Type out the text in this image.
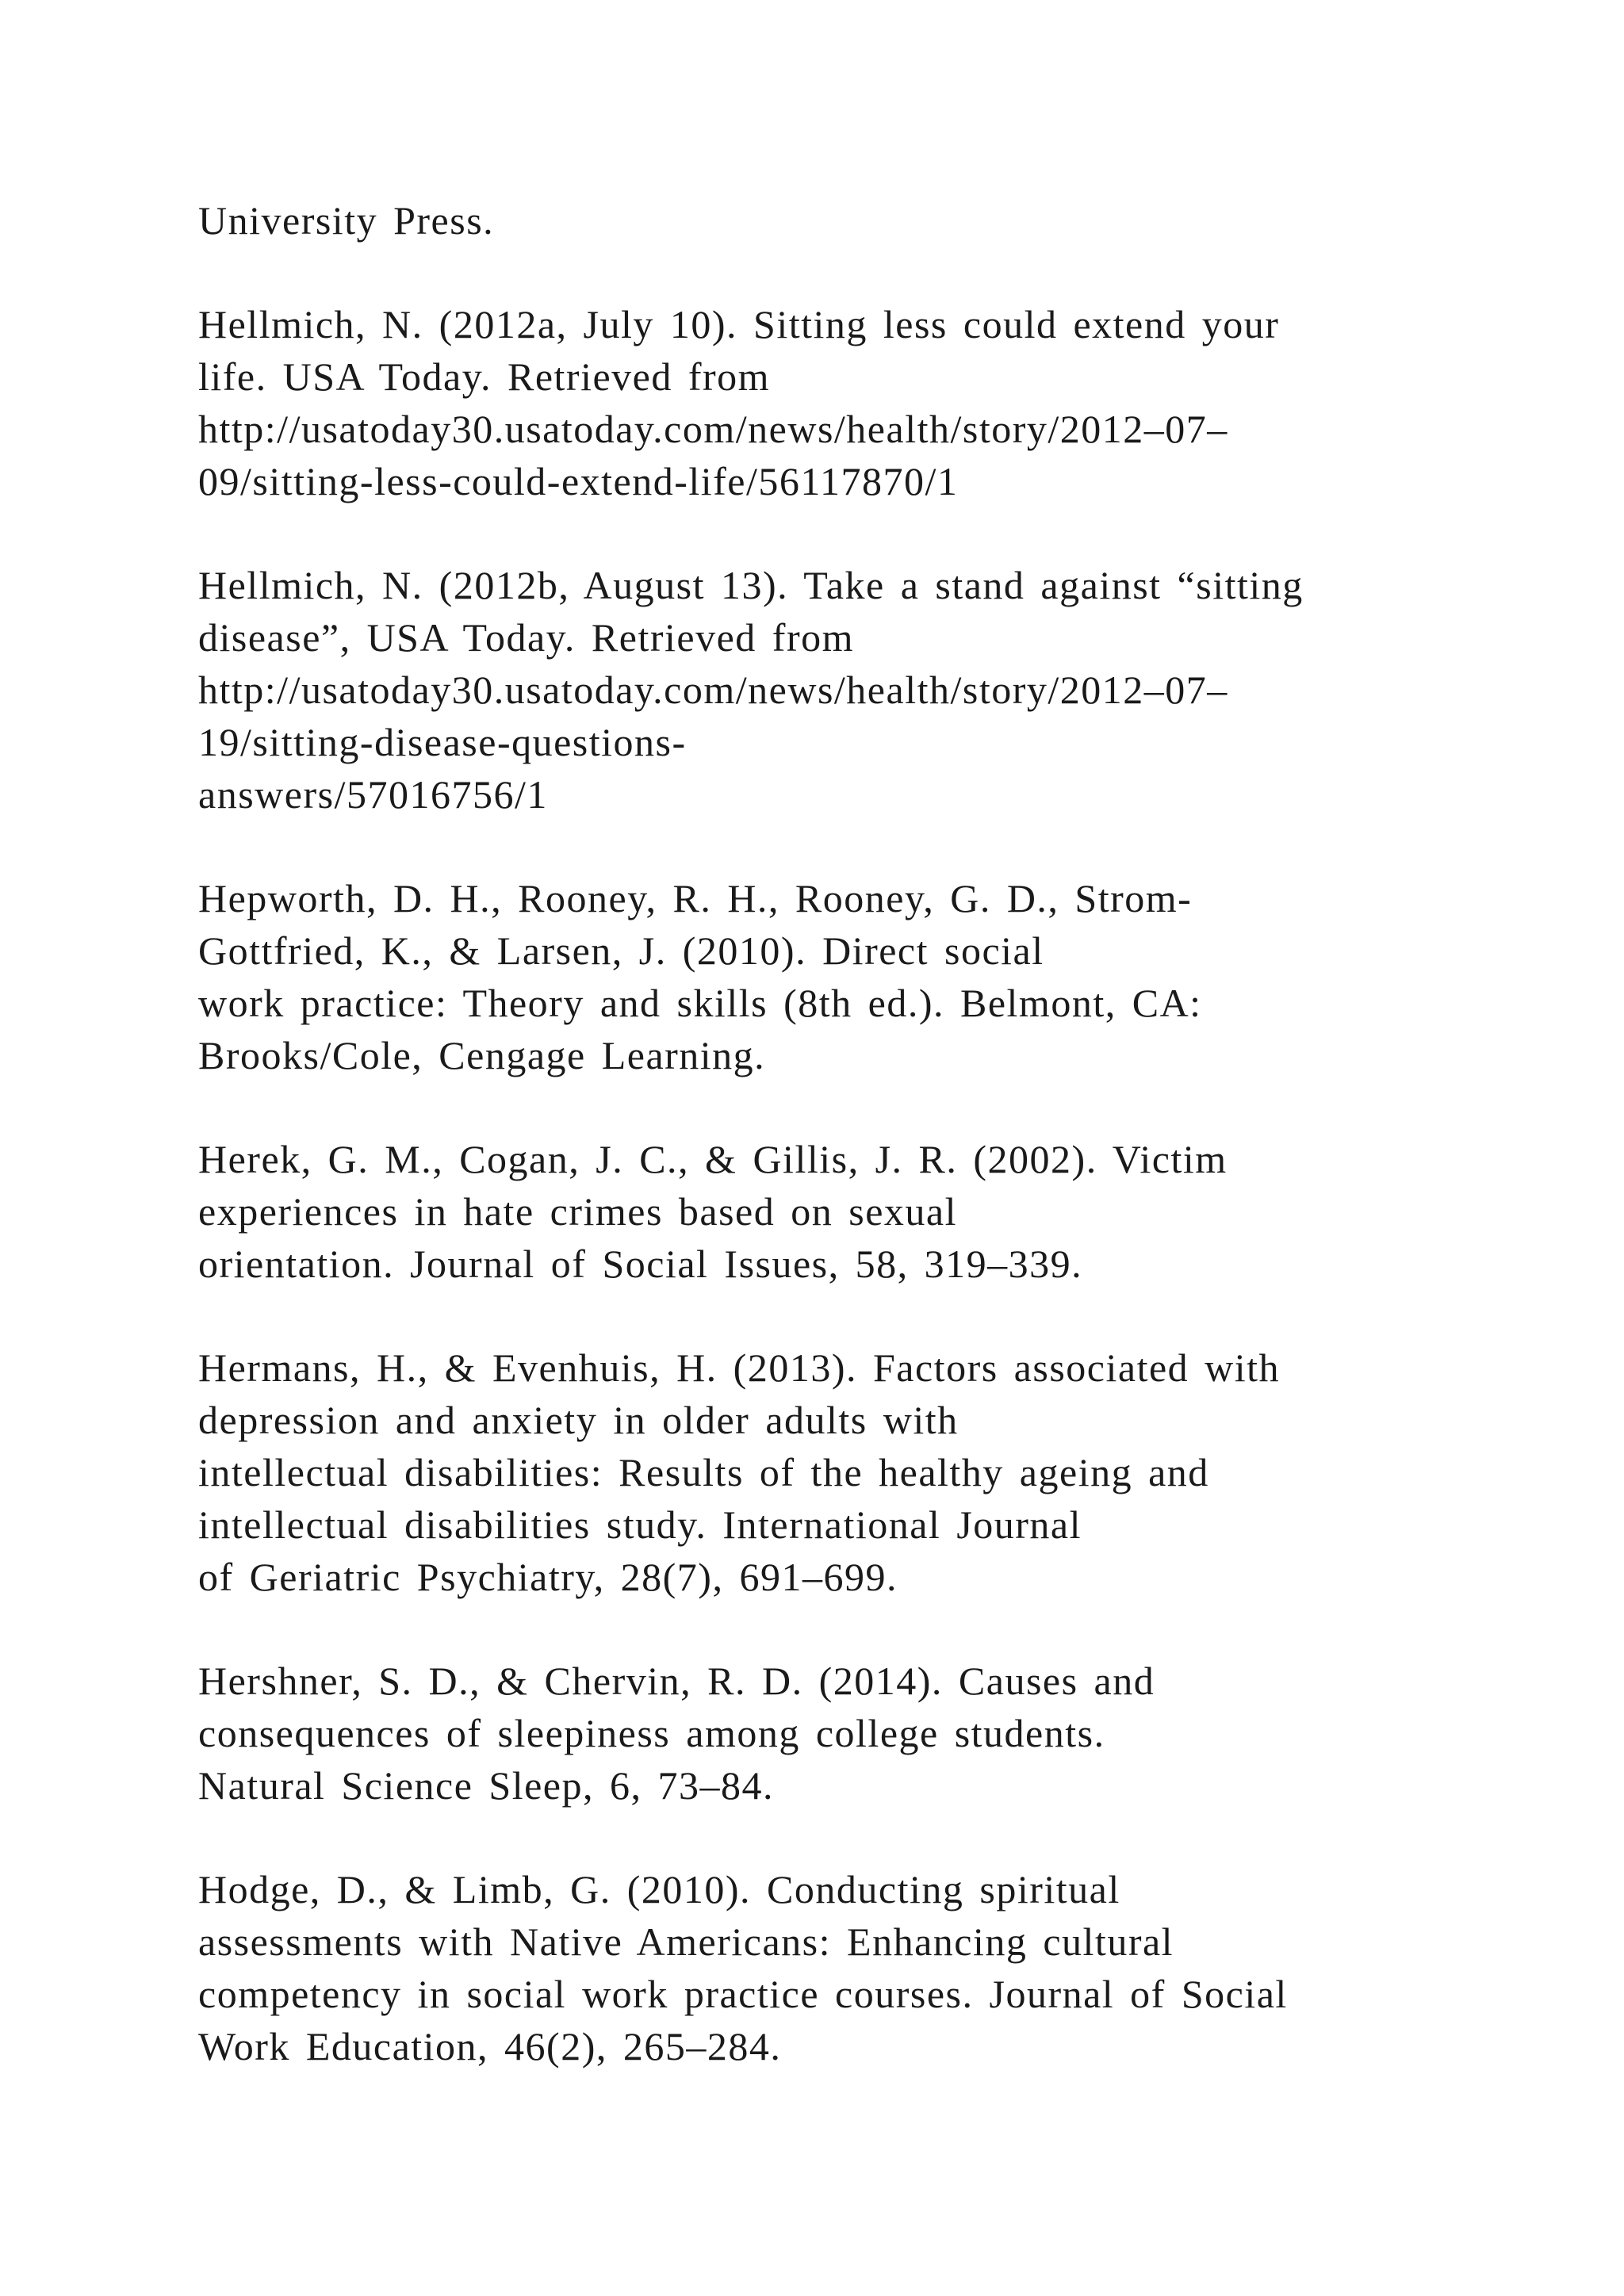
University Press.
Hellmich, N. (2012a, July 10). Sitting less could extend your
life. USA Today. Retrieved from
http://usatoday30.usatoday.com/news/health/story/2012–07–
09/sitting-less-could-extend-life/56117870/1
Hellmich, N. (2012b, August 13). Take a stand against “sitting
disease”, USA Today. Retrieved from
http://usatoday30.usatoday.com/news/health/story/2012–07–
19/sitting-disease-questions-
answers/57016756/1
Hepworth, D. H., Rooney, R. H., Rooney, G. D., Strom-
Gottfried, K., & Larsen, J. (2010). Direct social
work practice: Theory and skills (8th ed.). Belmont, CA:
Brooks/Cole, Cengage Learning.
Herek, G. M., Cogan, J. C., & Gillis, J. R. (2002). Victim
experiences in hate crimes based on sexual
orientation. Journal of Social Issues, 58, 319–339.
Hermans, H., & Evenhuis, H. (2013). Factors associated with
depression and anxiety in older adults with
intellectual disabilities: Results of the healthy ageing and
intellectual disabilities study. International Journal
of Geriatric Psychiatry, 28(7), 691–699.
Hershner, S. D., & Chervin, R. D. (2014). Causes and
consequences of sleepiness among college students.
Natural Science Sleep, 6, 73–84.
Hodge, D., & Limb, G. (2010). Conducting spiritual
assessments with Native Americans: Enhancing cultural
competency in social work practice courses. Journal of Social
Work Education, 46(2), 265–284.
